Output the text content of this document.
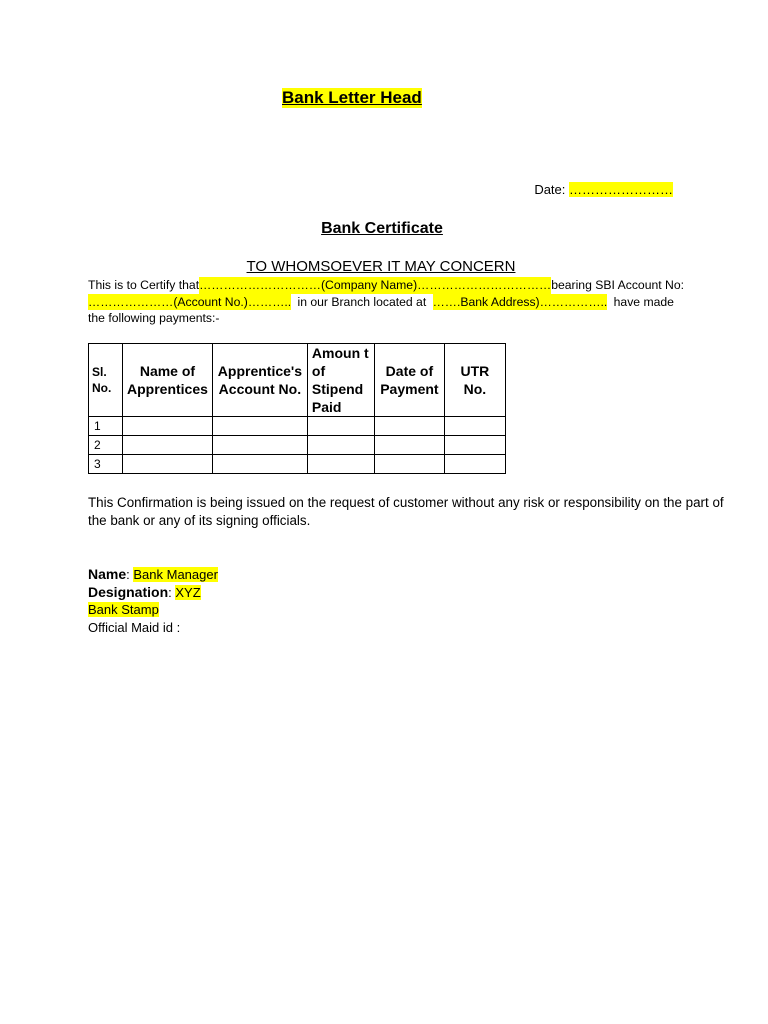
Bank Letter Head
Date: ……………………
Bank Certificate
TO WHOMSOEVER IT MAY CONCERN
This is to Certify that …………………………(Company Name)…………………………… bearing SBI Account No:
…………………(Account No.)……….. in our Branch located at …….Bank Address)…………….. have made
the following payments:-
Sl. No.	Name of Apprentices	Apprentice's Account No.	Amoun t of Stipend Paid	Date of Payment	UTR No.
1					
2					
3					
This Confirmation is being issued on the request of customer without any risk or responsibility on the part of the bank or any of its signing officials.
Name: Bank Manager
Designation: XYZ
Bank Stamp
Official Maid id :
